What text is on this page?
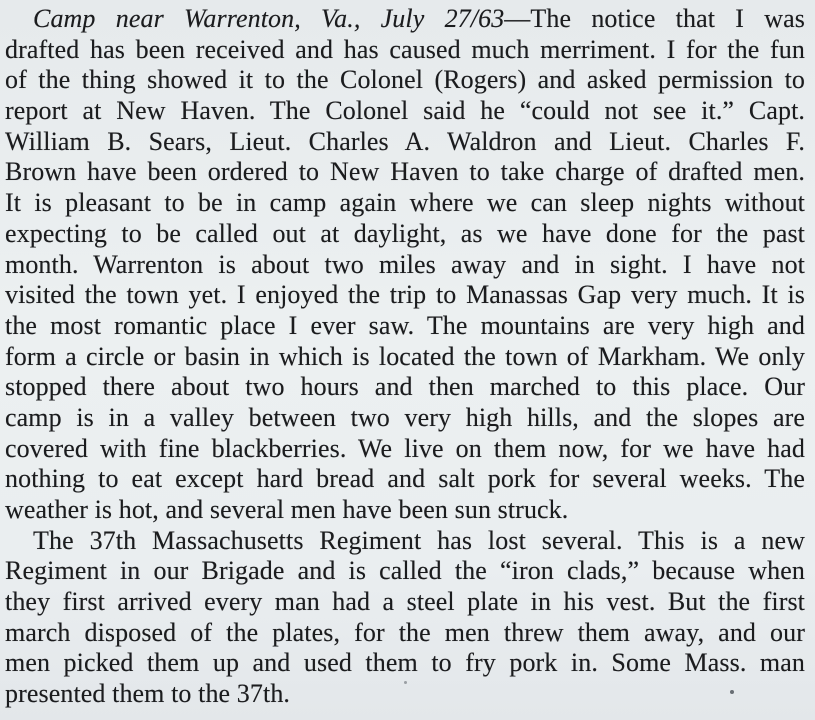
Camp near Warrenton, Va., July 27/63—The notice that I was
drafted has been received and has caused much merriment. I for the fun
of the thing showed it to the Colonel (Rogers) and asked permission to
report at New Haven. The Colonel said he “could not see it.” Capt.
William B. Sears, Lieut. Charles A. Waldron and Lieut. Charles F.
Brown have been ordered to New Haven to take charge of drafted men.
It is pleasant to be in camp again where we can sleep nights without
expecting to be called out at daylight, as we have done for the past
month. Warrenton is about two miles away and in sight. I have not
visited the town yet. I enjoyed the trip to Manassas Gap very much. It is
the most romantic place I ever saw. The mountains are very high and
form a circle or basin in which is located the town of Markham. We only
stopped there about two hours and then marched to this place. Our
camp is in a valley between two very high hills, and the slopes are
covered with fine blackberries. We live on them now, for we have had
nothing to eat except hard bread and salt pork for several weeks. The
weather is hot, and several men have been sun struck.
The 37th Massachusetts Regiment has lost several. This is a new
Regiment in our Brigade and is called the “iron clads,” because when
they first arrived every man had a steel plate in his vest. But the first
march disposed of the plates, for the men threw them away, and our
men picked them up and used them to fry pork in. Some Mass. man
presented them to the 37th.
